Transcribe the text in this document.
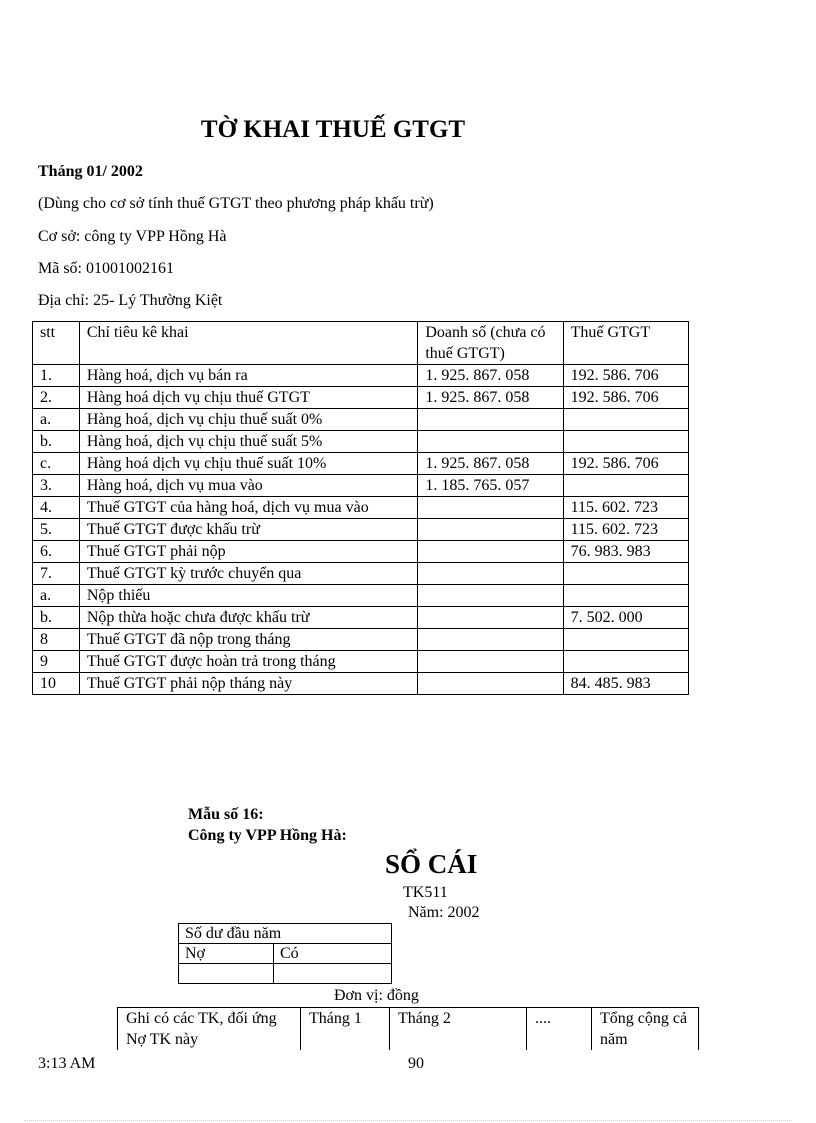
TỜ KHAI THUẾ GTGT
Tháng 01/ 2002
(Dùng cho cơ sở tính thuế GTGT theo phương pháp khấu trừ)
Cơ sở: công ty VPP Hồng Hà
Mã số: 01001002161
Địa chỉ: 25- Lý Thường Kiệt
stt	Chỉ tiêu kê khai	Doanh số (chưa có thuế GTGT)	Thuế GTGT
1.	Hàng hoá, dịch vụ bán ra	1. 925. 867. 058	192. 586. 706
2.	Hàng hoá dịch vụ chịu thuế GTGT	1. 925. 867. 058	192. 586. 706
a.	Hàng hoá, dịch vụ chịu thuế suất 0%		
b.	Hàng hoá, dịch vụ chịu thuế suất 5%		
c.	Hàng hoá dịch vụ chịu thuế suất 10%	1. 925. 867. 058	192. 586. 706
3.	Hàng hoá, dịch vụ mua vào	1. 185. 765. 057	
4.	Thuế GTGT của hàng hoá, dịch vụ mua vào		115. 602. 723
5.	Thuế GTGT được khấu trừ		115. 602. 723
6.	Thuế GTGT phải nộp		76. 983. 983
7.	Thuế GTGT kỳ trước chuyển qua		
a.	Nộp thiếu		
b.	Nộp thừa hoặc chưa được khấu trừ		7. 502. 000
8	Thuế GTGT đã nộp trong tháng		
9	Thuế GTGT được hoàn trả trong tháng		
10	Thuế GTGT phải nộp tháng này		84. 485. 983
Mẫu số 16:
Công ty VPP Hồng Hà:
SỔ CÁI
TK511
Năm: 2002
Số dư đầu năm	
Nợ	Có

Đơn vị: đồng
Ghi có các TK, đối ứng Nợ TK này	Tháng 1	Tháng 2	....	Tổng cộng cả năm
3:13 AM	90
